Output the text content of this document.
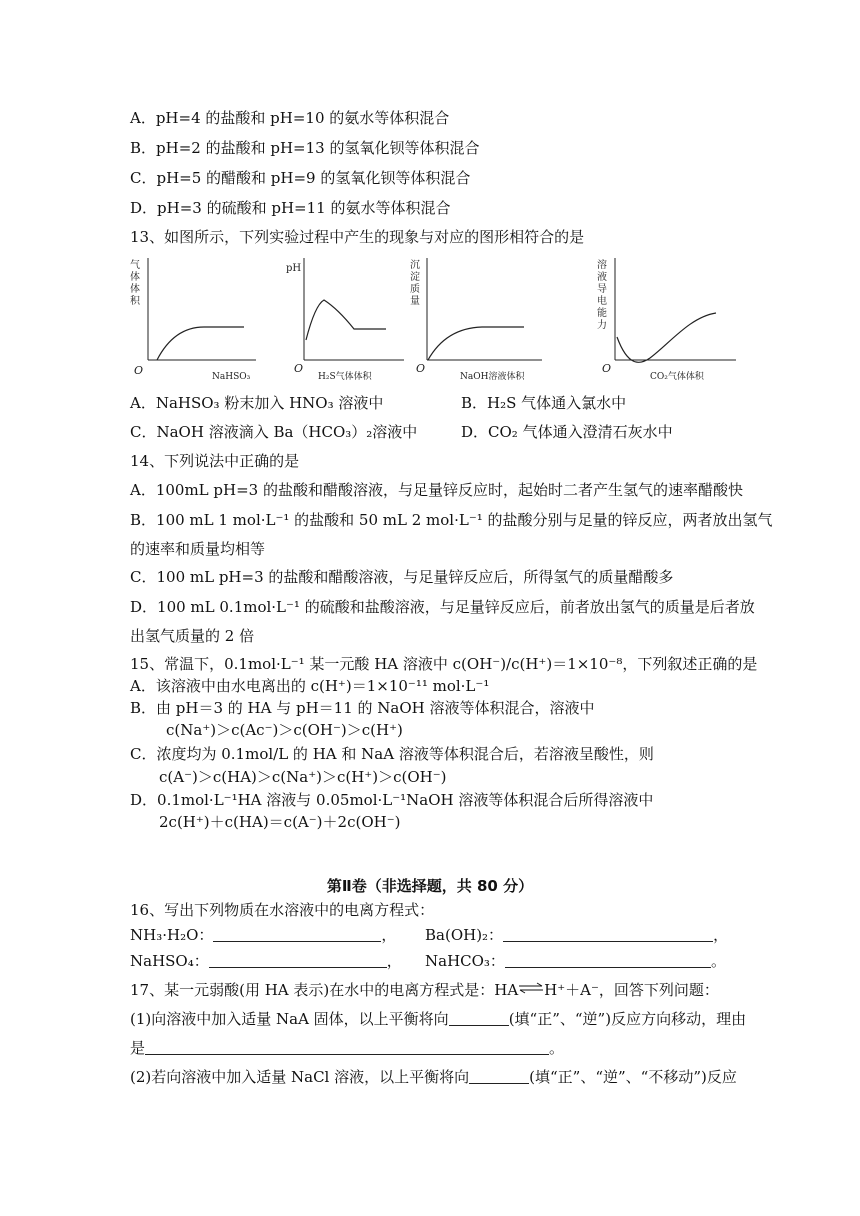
A．pH=4 的盐酸和 pH=10 的氨水等体积混合
B．pH=2 的盐酸和 pH=13 的氢氧化钡等体积混合
C．pH=5 的醋酸和 pH=9 的氢氧化钡等体积混合
D．pH=3 的硫酸和 pH=11 的氨水等体积混合
13、如图所示，下列实验过程中产生的现象与对应的图形相符合的是
气
体
体
积
O	NaHSO₃
pH
O
H₂S气体体积
沉
淀
质
量
O
NaOH溶液体积
溶
液
导
电
能
力
O
CO₂气体体积
A．NaHSO₃ 粉末加入 HNO₃ 溶液中	B．H₂S 气体通入氯水中
C．NaOH 溶液滴入 Ba（HCO₃）₂溶液中	D．CO₂ 气体通入澄清石灰水中
14、下列说法中正确的是
A．100mL pH=3 的盐酸和醋酸溶液，与足量锌反应时，起始时二者产生氢气的速率醋酸快
B．100 mL 1 mol·L⁻¹ 的盐酸和 50 mL 2 mol·L⁻¹ 的盐酸分别与足量的锌反应，两者放出氢气
的速率和质量均相等
C．100 mL pH=3 的盐酸和醋酸溶液，与足量锌反应后，所得氢气的质量醋酸多
D．100 mL 0.1mol·L⁻¹ 的硫酸和盐酸溶液，与足量锌反应后，前者放出氢气的质量是后者放
出氢气质量的 2 倍
15、常温下，0.1mol·L⁻¹ 某一元酸 HA 溶液中 c(OH⁻)/c(H⁺)＝1×10⁻⁸，下列叙述正确的是
A．该溶液中由水电离出的 c(H⁺)＝1×10⁻¹¹ mol·L⁻¹
B．由 pH＝3 的 HA 与 pH＝11 的 NaOH 溶液等体积混合，溶液中
c(Na⁺)＞c(Ac⁻)＞c(OH⁻)＞c(H⁺)
C．浓度均为 0.1mol/L 的 HA 和 NaA 溶液等体积混合后，若溶液呈酸性，则
c(A⁻)＞c(HA)＞c(Na⁺)＞c(H⁺)＞c(OH⁻)
D．0.1mol·L⁻¹HA 溶液与 0.05mol·L⁻¹NaOH 溶液等体积混合后所得溶液中
2c(H⁺)＋c(HA)＝c(A⁻)＋2c(OH⁻)
第Ⅱ卷（非选择题，共 80 分）
16、写出下列物质在水溶液中的电离方程式：
NH₃·H₂O：	， Ba(OH)₂：	，
NaHSO₄：	， NaHCO₃：	。
17、某一元弱酸(用 HA 表示)在水中的电离方程式是：HA⇌H⁺＋A⁻，回答下列问题：
(1)向溶液中加入适量 NaA 固体，以上平衡将向	(填“正”、“逆”)反应方向移动，理由
是	。
(2)若向溶液中加入适量 NaCl 溶液，以上平衡将向	(填“正”、“逆”、“不移动”)反应
